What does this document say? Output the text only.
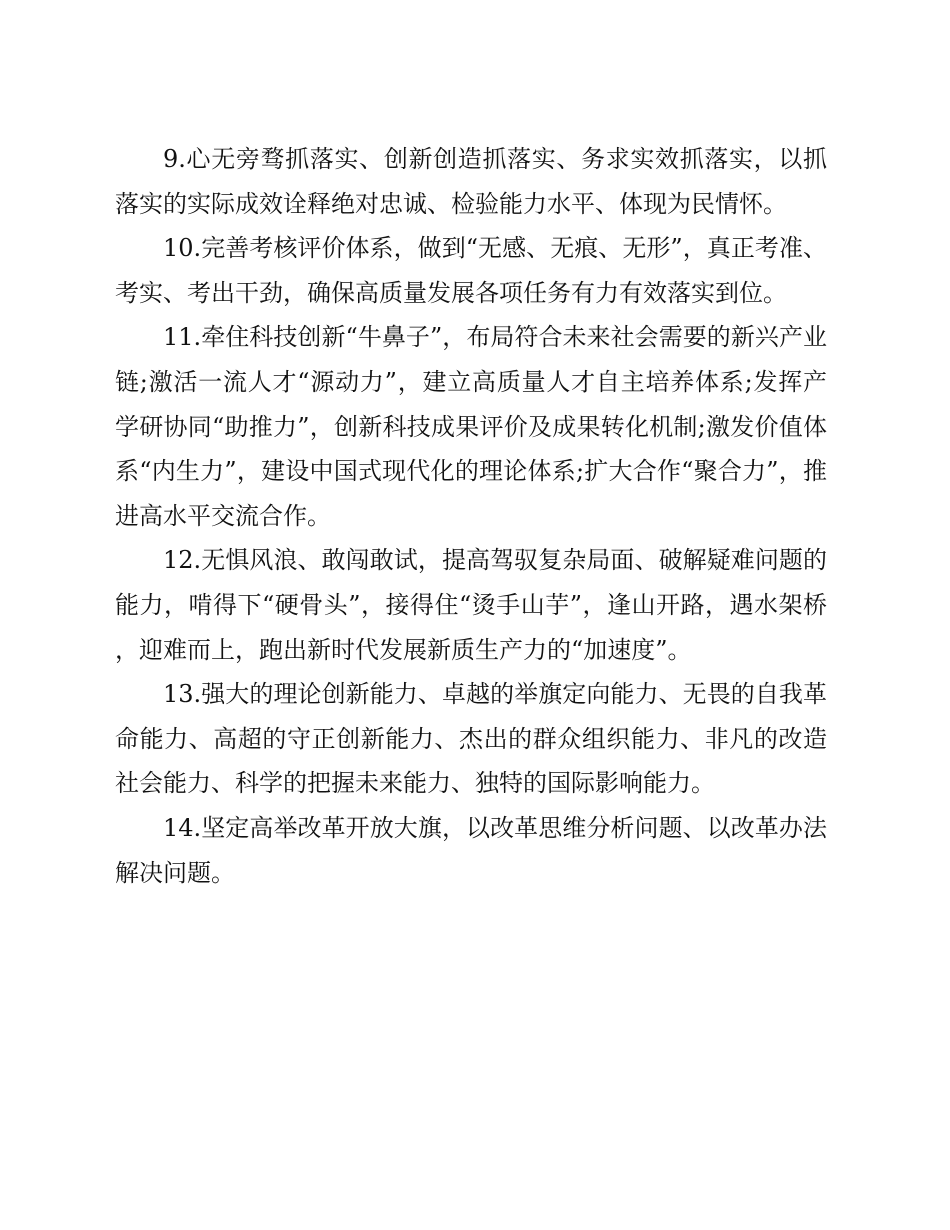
9.心无旁骛抓落实、创新创造抓落实、务求实效抓落实，以抓落实的实际成效诠释绝对忠诚、检验能力水平、体现为民情怀。

10.完善考核评价体系，做到“无感、无痕、无形”，真正考准、考实、考出干劲，确保高质量发展各项任务有力有效落实到位。

11.牵住科技创新“牛鼻子”，布局符合未来社会需要的新兴产业链;激活一流人才“源动力”，建立高质量人才自主培养体系;发挥产学研协同“助推力”，创新科技成果评价及成果转化机制;激发价值体系“内生力”，建设中国式现代化的理论体系;扩大合作“聚合力”，推进高水平交流合作。

12.无惧风浪、敢闯敢试，提高驾驭复杂局面、破解疑难问题的能力，啃得下“硬骨头”，接得住“烫手山芋”，逢山开路，遇水架桥，迎难而上，跑出新时代发展新质生产力的“加速度”。

13.强大的理论创新能力、卓越的举旗定向能力、无畏的自我革命能力、高超的守正创新能力、杰出的群众组织能力、非凡的改造社会能力、科学的把握未来能力、独特的国际影响能力。

14.坚定高举改革开放大旗，以改革思维分析问题、以改革办法解决问题。
